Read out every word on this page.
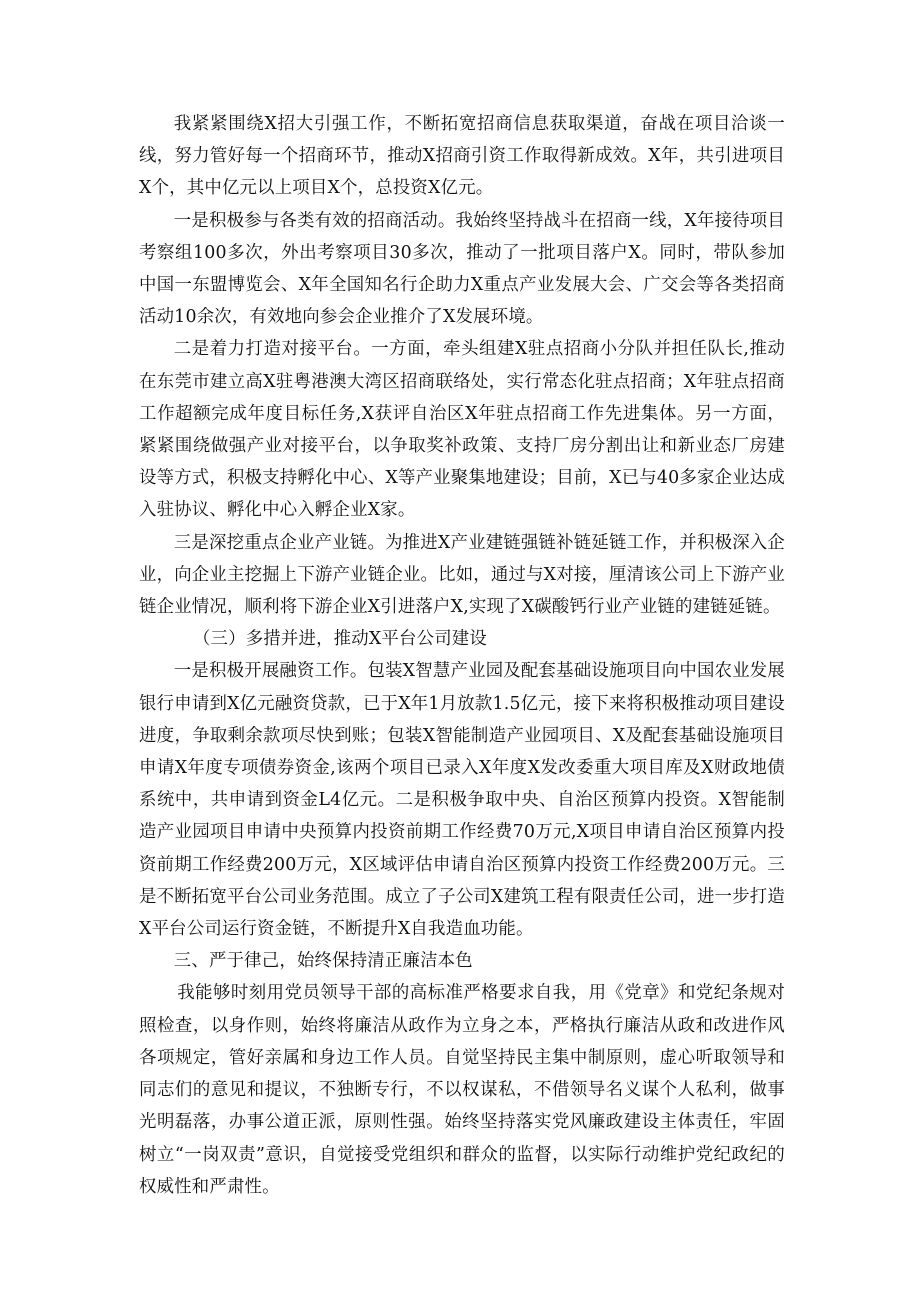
我紧紧围绕X招大引强工作，不断拓宽招商信息获取渠道，奋战在项目洽谈一线，努力管好每一个招商环节，推动X招商引资工作取得新成效。X年，共引进项目X个，其中亿元以上项目X个，总投资X亿元。

一是积极参与各类有效的招商活动。我始终坚持战斗在招商一线，X年接待项目考察组100多次，外出考察项目30多次，推动了一批项目落户X。同时，带队参加中国一东盟博览会、X年全国知名行企助力X重点产业发展大会、广交会等各类招商活动10余次，有效地向参会企业推介了X发展环境。

二是着力打造对接平台。一方面，牵头组建X驻点招商小分队并担任队长,推动在东莞市建立高X驻粤港澳大湾区招商联络处，实行常态化驻点招商；X年驻点招商工作超额完成年度目标任务,X获评自治区X年驻点招商工作先进集体。另一方面，紧紧围绕做强产业对接平台，以争取奖补政策、支持厂房分割出让和新业态厂房建设等方式，积极支持孵化中心、X等产业聚集地建设；目前，X已与40多家企业达成入驻协议、孵化中心入孵企业X家。

三是深挖重点企业产业链。为推进X产业建链强链补链延链工作，并积极深入企业，向企业主挖掘上下游产业链企业。比如，通过与X对接，厘清该公司上下游产业链企业情况，顺利将下游企业X引进落户X,实现了X碳酸钙行业产业链的建链延链。

（三）多措并进，推动X平台公司建设

一是积极开展融资工作。包装X智慧产业园及配套基础设施项目向中国农业发展银行申请到X亿元融资贷款，已于X年1月放款1.5亿元，接下来将积极推动项目建设进度，争取剩余款项尽快到账；包装X智能制造产业园项目、X及配套基础设施项目申请X年度专项债券资金,该两个项目已录入X年度X发改委重大项目库及X财政地债系统中，共申请到资金L4亿元。二是积极争取中央、自治区预算内投资。X智能制造产业园项目申请中央预算内投资前期工作经费70万元,X项目申请自治区预算内投资前期工作经费200万元，X区域评估申请自治区预算内投资工作经费200万元。三是不断拓宽平台公司业务范围。成立了子公司X建筑工程有限责任公司，进一步打造X平台公司运行资金链，不断提升X自我造血功能。

三、严于律己，始终保持清正廉洁本色

我能够时刻用党员领导干部的高标准严格要求自我，用《党章》和党纪条规对照检查，以身作则，始终将廉洁从政作为立身之本，严格执行廉洁从政和改进作风各项规定，管好亲属和身边工作人员。自觉坚持民主集中制原则，虚心听取领导和同志们的意见和提议，不独断专行，不以权谋私，不借领导名义谋个人私利，做事光明磊落，办事公道正派，原则性强。始终坚持落实党风廉政建设主体责任，牢固树立“一岗双责”意识，自觉接受党组织和群众的监督，以实际行动维护党纪政纪的权威性和严肃性。
